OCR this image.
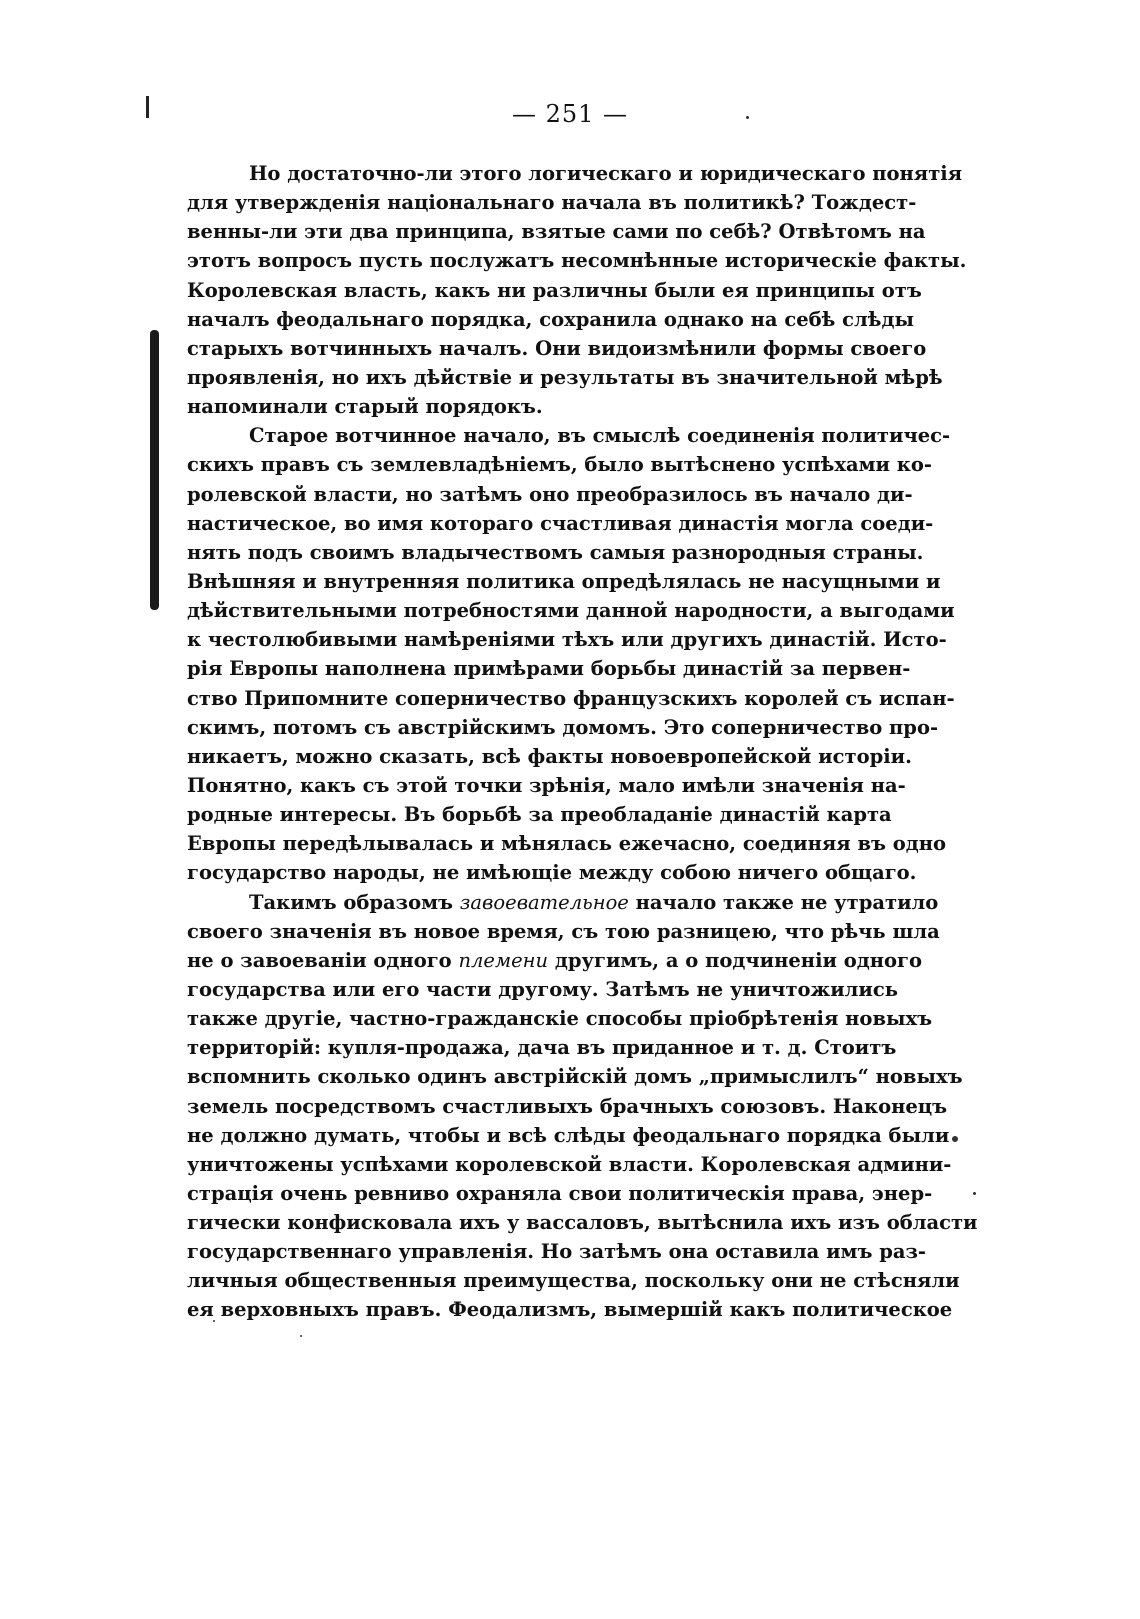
— 251 —
Но достаточно-ли этого логическаго и юридическаго понятія
для утвержденія національнаго начала въ политикѣ? Тождест-
венны-ли эти два принципа, взятые сами по себѣ? Отвѣтомъ на
этотъ вопросъ пусть послужатъ несомнѣнные историческіе факты.
Королевская власть, какъ ни различны были ея принципы отъ
началъ феодальнаго порядка, сохранила однако на себѣ слѣды
старыхъ вотчинныхъ началъ. Они видоизмѣнили формы своего
проявленія, но ихъ дѣйствіе и результаты въ значительной мѣрѣ
напоминали старый порядокъ.
Старое вотчинное начало, въ смыслѣ соединенія политичес-
скихъ правъ съ землевладѣніемъ, было вытѣснено успѣхами ко-
ролевской власти, но затѣмъ оно преобразилось въ начало ди-
настическое, во имя котораго счастливая династія могла соеди-
нять подъ своимъ владычествомъ самыя разнородныя страны.
Внѣшняя и внутренняя политика опредѣлялась не насущными и
дѣйствительными потребностями данной народности, а выгодами
к честолюбивыми намѣреніями тѣхъ или другихъ династій. Исто-
рія Европы наполнена примѣрами борьбы династій за первен-
ство Припомните соперничество французскихъ королей съ испан-
скимъ, потомъ съ австрійскимъ домомъ. Это соперничество про-
никаетъ, можно сказать, всѣ факты новоевропейской исторіи.
Понятно, какъ съ этой точки зрѣнія, мало имѣли значенія на-
родные интересы. Въ борьбѣ за преобладаніе династій карта
Европы передѣлывалась и мѣнялась ежечасно, соединяя въ одно
государство народы, не имѣющіе между собою ничего общаго.
Такимъ образомъ завоевательное начало также не утратило
своего значенія въ новое время, съ тою разницею, что рѣчь шла
не о завоеваніи одного племени другимъ, а о подчиненіи одного
государства или его части другому. Затѣмъ не уничтожились
также другіе, частно-гражданскіе способы пріобрѣтенія новыхъ
территорій: купля-продажа, дача въ приданное и т. д. Стоитъ
вспомнить сколько одинъ австрійскій домъ „примыслилъ“ новыхъ
земель посредствомъ счастливыхъ брачныхъ союзовъ. Наконецъ
не должно думать, чтобы и всѣ слѣды феодальнаго порядка были
уничтожены успѣхами королевской власти. Королевская админи-
страція очень ревниво охраняла свои политическія права, энер-
гически конфисковала ихъ у вассаловъ, вытѣснила ихъ изъ области
государственнаго управленія. Но затѣмъ она оставила имъ раз-
личныя общественныя преимущества, поскольку они не стѣсняли
ея верховныхъ правъ. Феодализмъ, вымершій какъ политическое
